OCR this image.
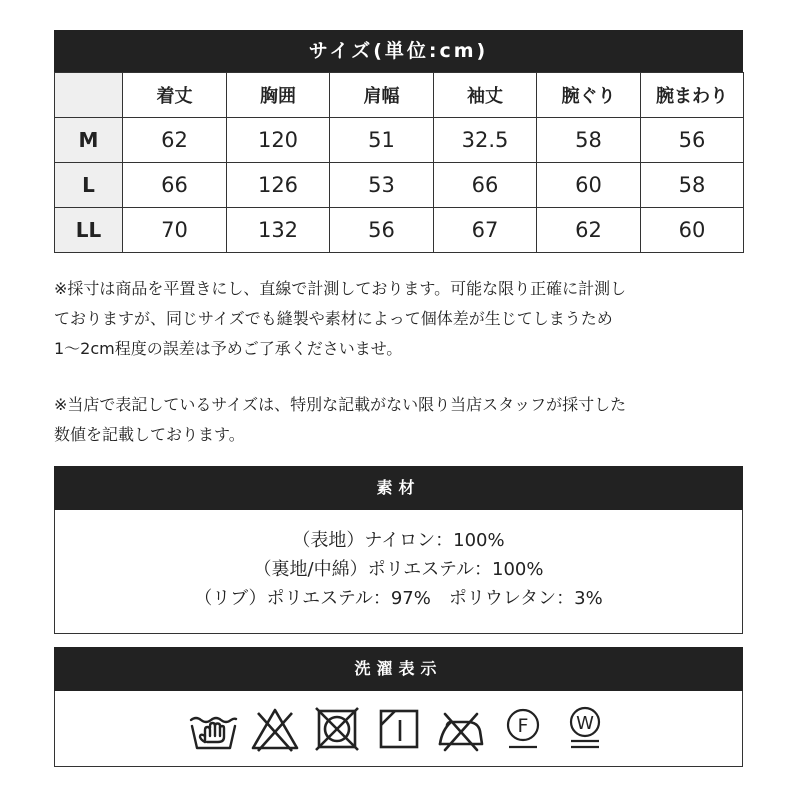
サイズ(単位:cm)
	着丈	胸囲	肩幅	袖丈	腕ぐり	腕まわり
M	62	120	51	32.5	58	56
L	66	126	53	66	60	58
LL	70	132	56	67	62	60
※採寸は商品を平置きにし、直線で計測しております。可能な限り正確に計測し
ておりますが、同じサイズでも縫製や素材によって個体差が生じてしまうため
1～2cm程度の誤差は予めご了承くださいませ。
※当店で表記しているサイズは、特別な記載がない限り当店スタッフが採寸した
数値を記載しております。
素材
（表地）ナイロン：100%
（裏地/中綿）ポリエステル：100%
（リブ）ポリエステル：97%　ポリウレタン：3%
洗濯表示
F	W
